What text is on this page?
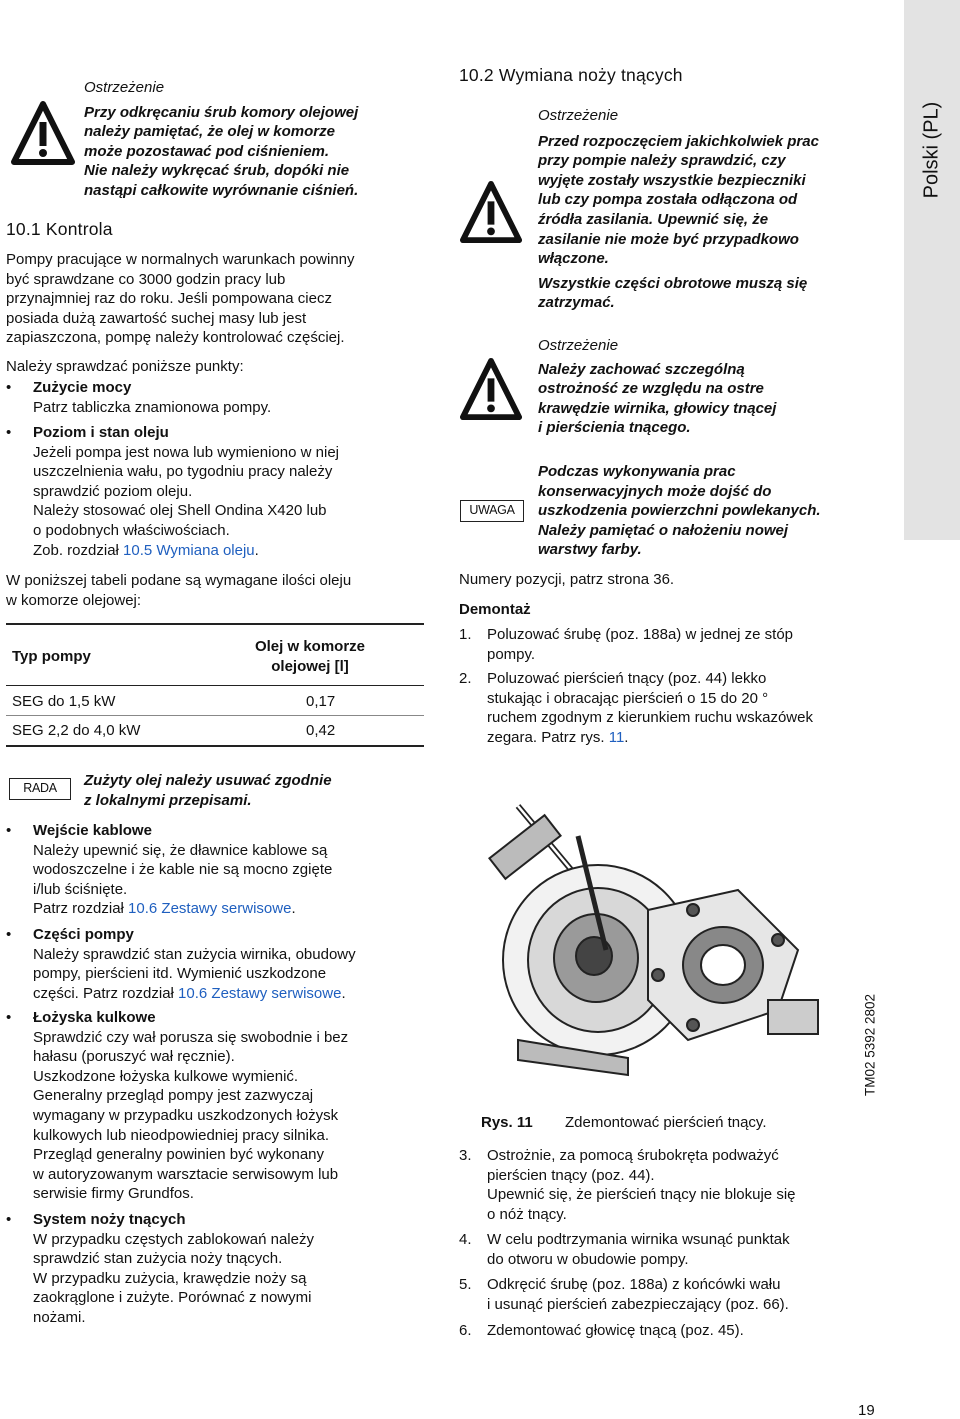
Polski (PL)
Ostrzeżenie
Przy odkręcaniu śrub komory olejowej
należy pamiętać, że olej w komorze
może pozostawać pod ciśnieniem.
Nie należy wykręcać śrub, dopóki nie
nastąpi całkowite wyrównanie ciśnień.
10.1 Kontrola
Pompy pracujące w normalnych warunkach powinny
być sprawdzane co 3000 godzin pracy lub
przynajmniej raz do roku. Jeśli pompowana ciecz
posiada dużą zawartość suchej masy lub jest
zapiaszczona, pompę należy kontrolować częściej.
Należy sprawdzać poniższe punkty:
• Zużycie mocy
Patrz tabliczka znamionowa pompy.
• Poziom i stan oleju
Jeżeli pompa jest nowa lub wymieniono w niej
uszczelnienia wału, po tygodniu pracy należy
sprawdzić poziom oleju.
Należy stosować olej Shell Ondina X420 lub
o podobnych właściwościach.
Zob. rozdział 10.5 Wymiana oleju.
W poniższej tabeli podane są wymagane ilości oleju
w komorze olejowej:
Typ pompy
Olej w komorze
olejowej [l]
SEG do 1,5 kW	0,17
SEG 2,2 do 4,0 kW	0,42
RADA	Zużyty olej należy usuwać zgodnie
z lokalnymi przepisami.
• Wejście kablowe
Należy upewnić się, że dławnice kablowe są
wodoszczelne i że kable nie są mocno zgięte
i/lub ściśnięte.
Patrz rozdział 10.6 Zestawy serwisowe.
• Części pompy
Należy sprawdzić stan zużycia wirnika, obudowy
pompy, pierścieni itd. Wymienić uszkodzone
części. Patrz rozdział 10.6 Zestawy serwisowe.
• Łożyska kulkowe
Sprawdzić czy wał porusza się swobodnie i bez
hałasu (poruszyć wał ręcznie).
Uszkodzone łożyska kulkowe wymienić.
Generalny przegląd pompy jest zazwyczaj
wymagany w przypadku uszkodzonych łożysk
kulkowych lub nieodpowiedniej pracy silnika.
Przegląd generalny powinien być wykonany
w autoryzowanym warsztacie serwisowym lub
serwisie firmy Grundfos.
• System noży tnących
W przypadku częstych zablokowań należy
sprawdzić stan zużycia noży tnących.
W przypadku zużycia, krawędzie noży są
zaokrąglone i zużyte. Porównać z nowymi
nożami.
10.2 Wymiana noży tnących
Ostrzeżenie
Przed rozpoczęciem jakichkolwiek prac
przy pompie należy sprawdzić, czy
wyjęte zostały wszystkie bezpieczniki
lub czy pompa została odłączona od
źródła zasilania. Upewnić się, że
zasilanie nie może być przypadkowo
włączone.
Wszystkie części obrotowe muszą się
zatrzymać.
Ostrzeżenie
Należy zachować szczególną
ostrożność ze względu na ostre
krawędzie wirnika, głowicy tnącej
i pierścienia tnącego.
UWAGA
Podczas wykonywania prac
konserwacyjnych może dojść do
uszkodzenia powierzchni powlekanych.
Należy pamiętać o nałożeniu nowej
warstwy farby.
Numery pozycji, patrz strona 36.
Demontaż
1. Poluzować śrubę (poz. 188a) w jednej ze stóp
pompy.
2. Poluzować pierścień tnący (poz. 44) lekko
stukając i obracając pierścień o 15 do 20 °
ruchem zgodnym z kierunkiem ruchu wskazówek
zegara. Patrz rys. 11.
TM02 5392 2802
Rys. 11 Zdemontować pierścień tnący.
3. Ostrożnie, za pomocą śrubokręta podważyć
pierścien tnący (poz. 44).
Upewnić się, że pierścień tnący nie blokuje się
o nóż tnący.
4. W celu podtrzymania wirnika wsunąć punktak
do otworu w obudowie pompy.
5. Odkręcić śrubę (poz. 188a) z końcówki wału
i usunąć pierścień zabezpieczający (poz. 66).
6. Zdemontować głowicę tnącą (poz. 45).
19
